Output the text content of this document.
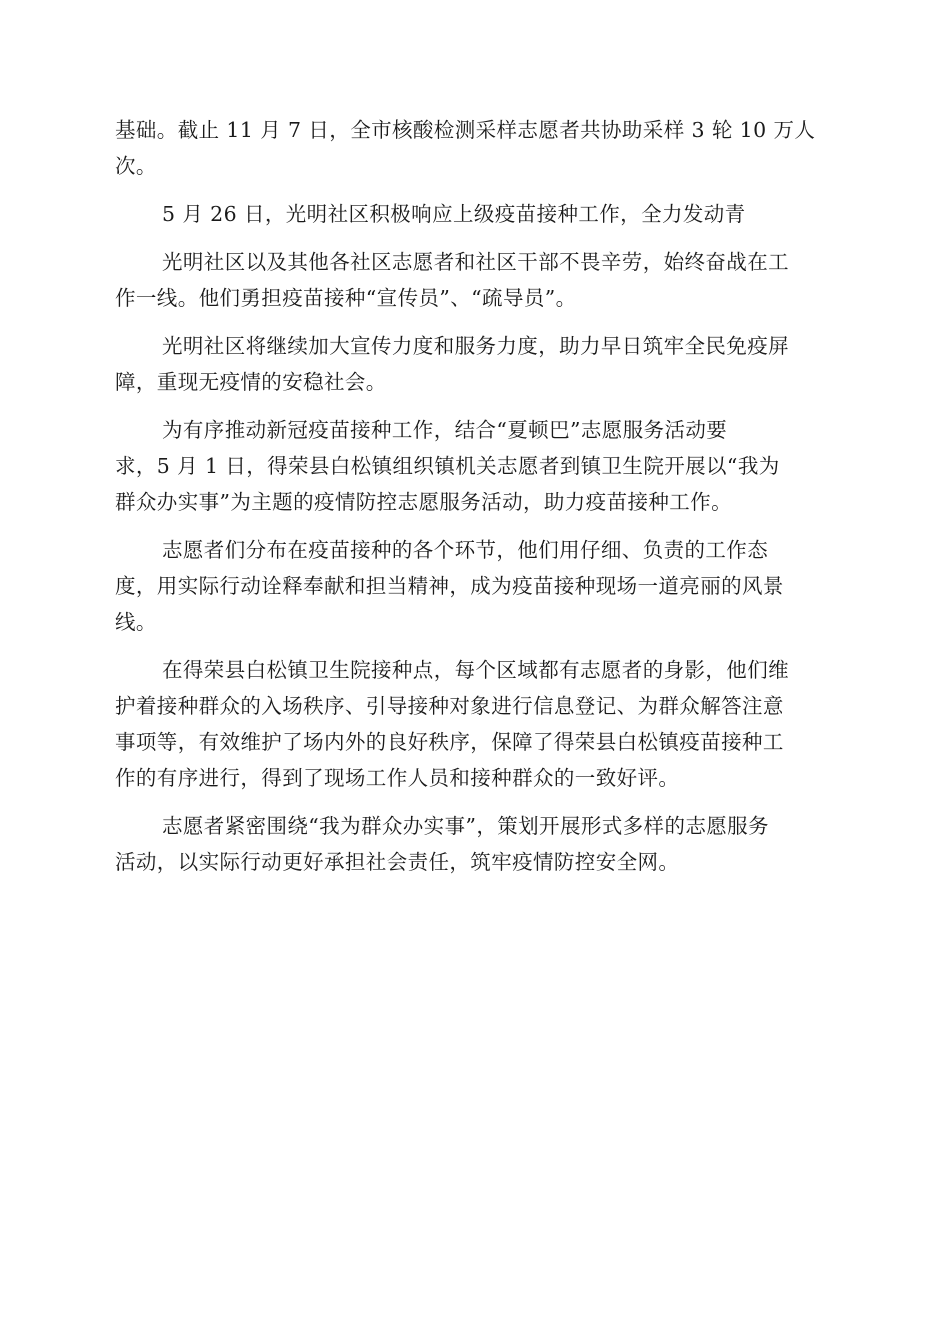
基础。截止 11 月 7 日，全市核酸检测采样志愿者共协助采样 3 轮 10 万人
次。

5 月 26 日，光明社区积极响应上级疫苗接种工作，全力发动青

光明社区以及其他各社区志愿者和社区干部不畏辛劳，始终奋战在工
作一线。他们勇担疫苗接种“宣传员”、“疏导员”。

光明社区将继续加大宣传力度和服务力度，助力早日筑牢全民免疫屏
障，重现无疫情的安稳社会。

为有序推动新冠疫苗接种工作，结合“夏顿巴”志愿服务活动要
求，5 月 1 日，得荣县白松镇组织镇机关志愿者到镇卫生院开展以“我为
群众办实事”为主题的疫情防控志愿服务活动，助力疫苗接种工作。

志愿者们分布在疫苗接种的各个环节，他们用仔细、负责的工作态
度，用实际行动诠释奉献和担当精神，成为疫苗接种现场一道亮丽的风景
线。

在得荣县白松镇卫生院接种点，每个区域都有志愿者的身影，他们维
护着接种群众的入场秩序、引导接种对象进行信息登记、为群众解答注意
事项等，有效维护了场内外的良好秩序，保障了得荣县白松镇疫苗接种工
作的有序进行，得到了现场工作人员和接种群众的一致好评。

志愿者紧密围绕“我为群众办实事”，策划开展形式多样的志愿服务
活动，以实际行动更好承担社会责任，筑牢疫情防控安全网。
